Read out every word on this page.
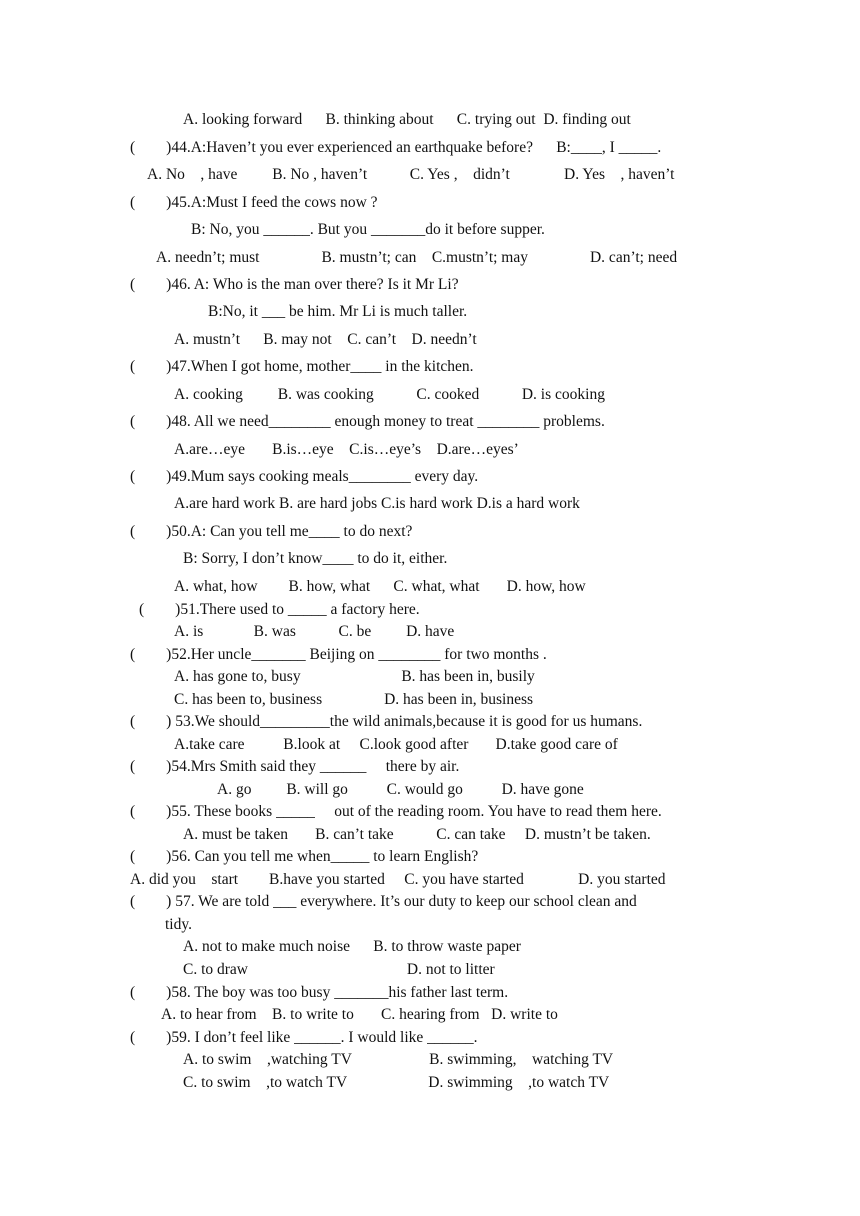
A. looking forward      B. thinking about      C. trying out  D. finding out
(        )44.A:Haven’t you ever experienced an earthquake before?      B:____, I _____.
A. No    , have         B. No , haven’t           C. Yes ,    didn’t              D. Yes    , haven’t
(        )45.A:Must I feed the cows now ?
B: No, you ______. But you _______do it before supper.
A. needn’t; must                B. mustn’t; can    C.mustn’t; may                D. can’t; need
(        )46. A: Who is the man over there? Is it Mr Li?
B:No, it ___ be him. Mr Li is much taller.
A. mustn’t      B. may not    C. can’t    D. needn’t
(        )47.When I got home, mother____ in the kitchen.
A. cooking         B. was cooking           C. cooked           D. is cooking
(        )48. All we need________ enough money to treat ________ problems.
A.are…eye       B.is…eye    C.is…eye’s    D.are…eyes’
(        )49.Mum says cooking meals________ every day.
A.are hard work B. are hard jobs C.is hard work D.is a hard work
(        )50.A: Can you tell me____ to do next?
B: Sorry, I don’t know____ to do it, either.
A. what, how        B. how, what      C. what, what       D. how, how
(        )51.There used to _____ a factory here.
A. is             B. was           C. be         D. have
(        )52.Her uncle_______ Beijing on ________ for two months .
A. has gone to, busy                          B. has been in, busily
C. has been to, business                D. has been in, business
(        ) 53.We should_________the wild animals,because it is good for us humans.
A.take care          B.look at     C.look good after       D.take good care of
(        )54.Mrs Smith said they ______     there by air.
A. go         B. will go          C. would go          D. have gone
(        )55. These books _____     out of the reading room. You have to read them here.
A. must be taken       B. can’t take           C. can take     D. mustn’t be taken.
(        )56. Can you tell me when_____ to learn English?
A. did you    start        B.have you started     C. you have started              D. you started
(        ) 57. We are told ___ everywhere. It’s our duty to keep our school clean and
tidy.
A. not to make much noise      B. to throw waste paper
C. to draw                                         D. not to litter
(        )58. The boy was too busy _______his father last term.
A. to hear from    B. to write to       C. hearing from   D. write to
(        )59. I don’t feel like ______. I would like ______.
A. to swim    ,watching TV                    B. swimming,    watching TV
C. to swim    ,to watch TV                     D. swimming    ,to watch TV
